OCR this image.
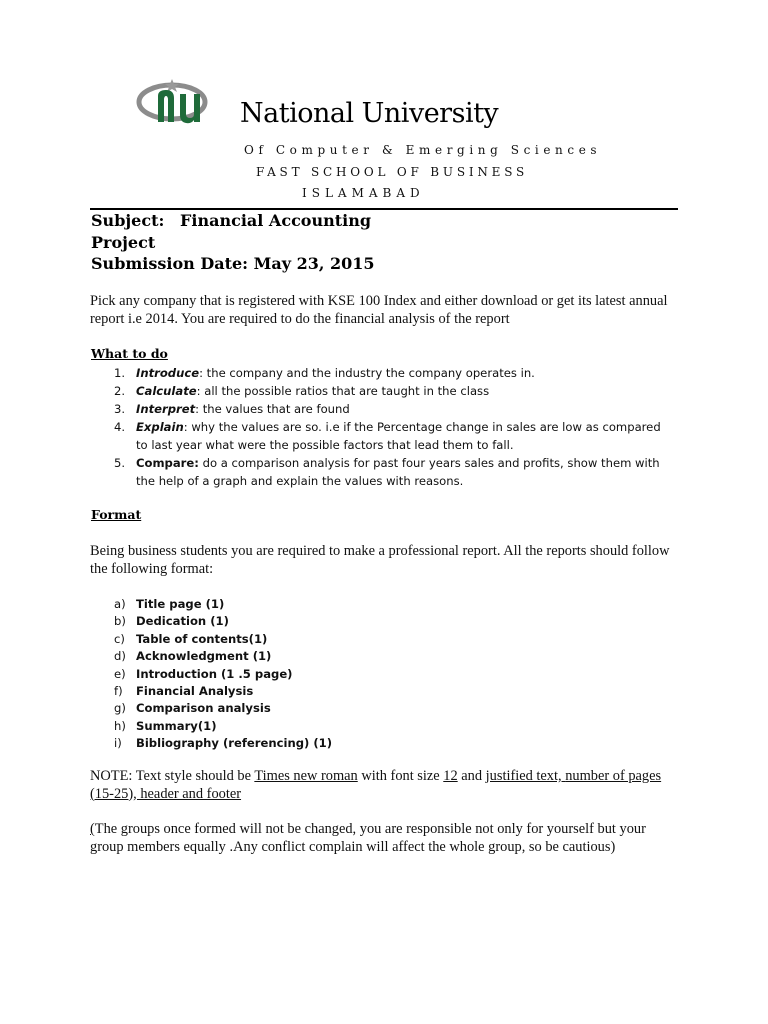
National University
Of Computer & Emerging Sciences
FAST SCHOOL OF BUSINESS
ISLAMABAD
Subject: Financial Accounting
Project
Submission Date: May 23, 2015
Pick any company that is registered with KSE 100 Index and either download or get its latest annual report i.e 2014. You are required to do the financial analysis of the report
What to do
1. Introduce: the company and the industry the company operates in.
2. Calculate: all the possible ratios that are taught in the class
3. Interpret: the values that are found
4. Explain: why the values are so. i.e if the Percentage change in sales are low as compared to last year what were the possible factors that lead them to fall.
5. Compare: do a comparison analysis for past four years sales and profits, show them with the help of a graph and explain the values with reasons.
Format
Being business students you are required to make a professional report. All the reports should follow the following format:
a) Title page (1)
b) Dedication (1)
c) Table of contents(1)
d) Acknowledgment (1)
e) Introduction (1 .5 page)
f) Financial Analysis
g) Comparison analysis
h) Summary(1)
i) Bibliography (referencing) (1)
NOTE: Text style should be Times new roman with font size 12 and justified text, number of pages (15-25), header and footer
(The groups once formed will not be changed, you are responsible not only for yourself but your group members equally .Any conflict complain will affect the whole group, so be cautious)
